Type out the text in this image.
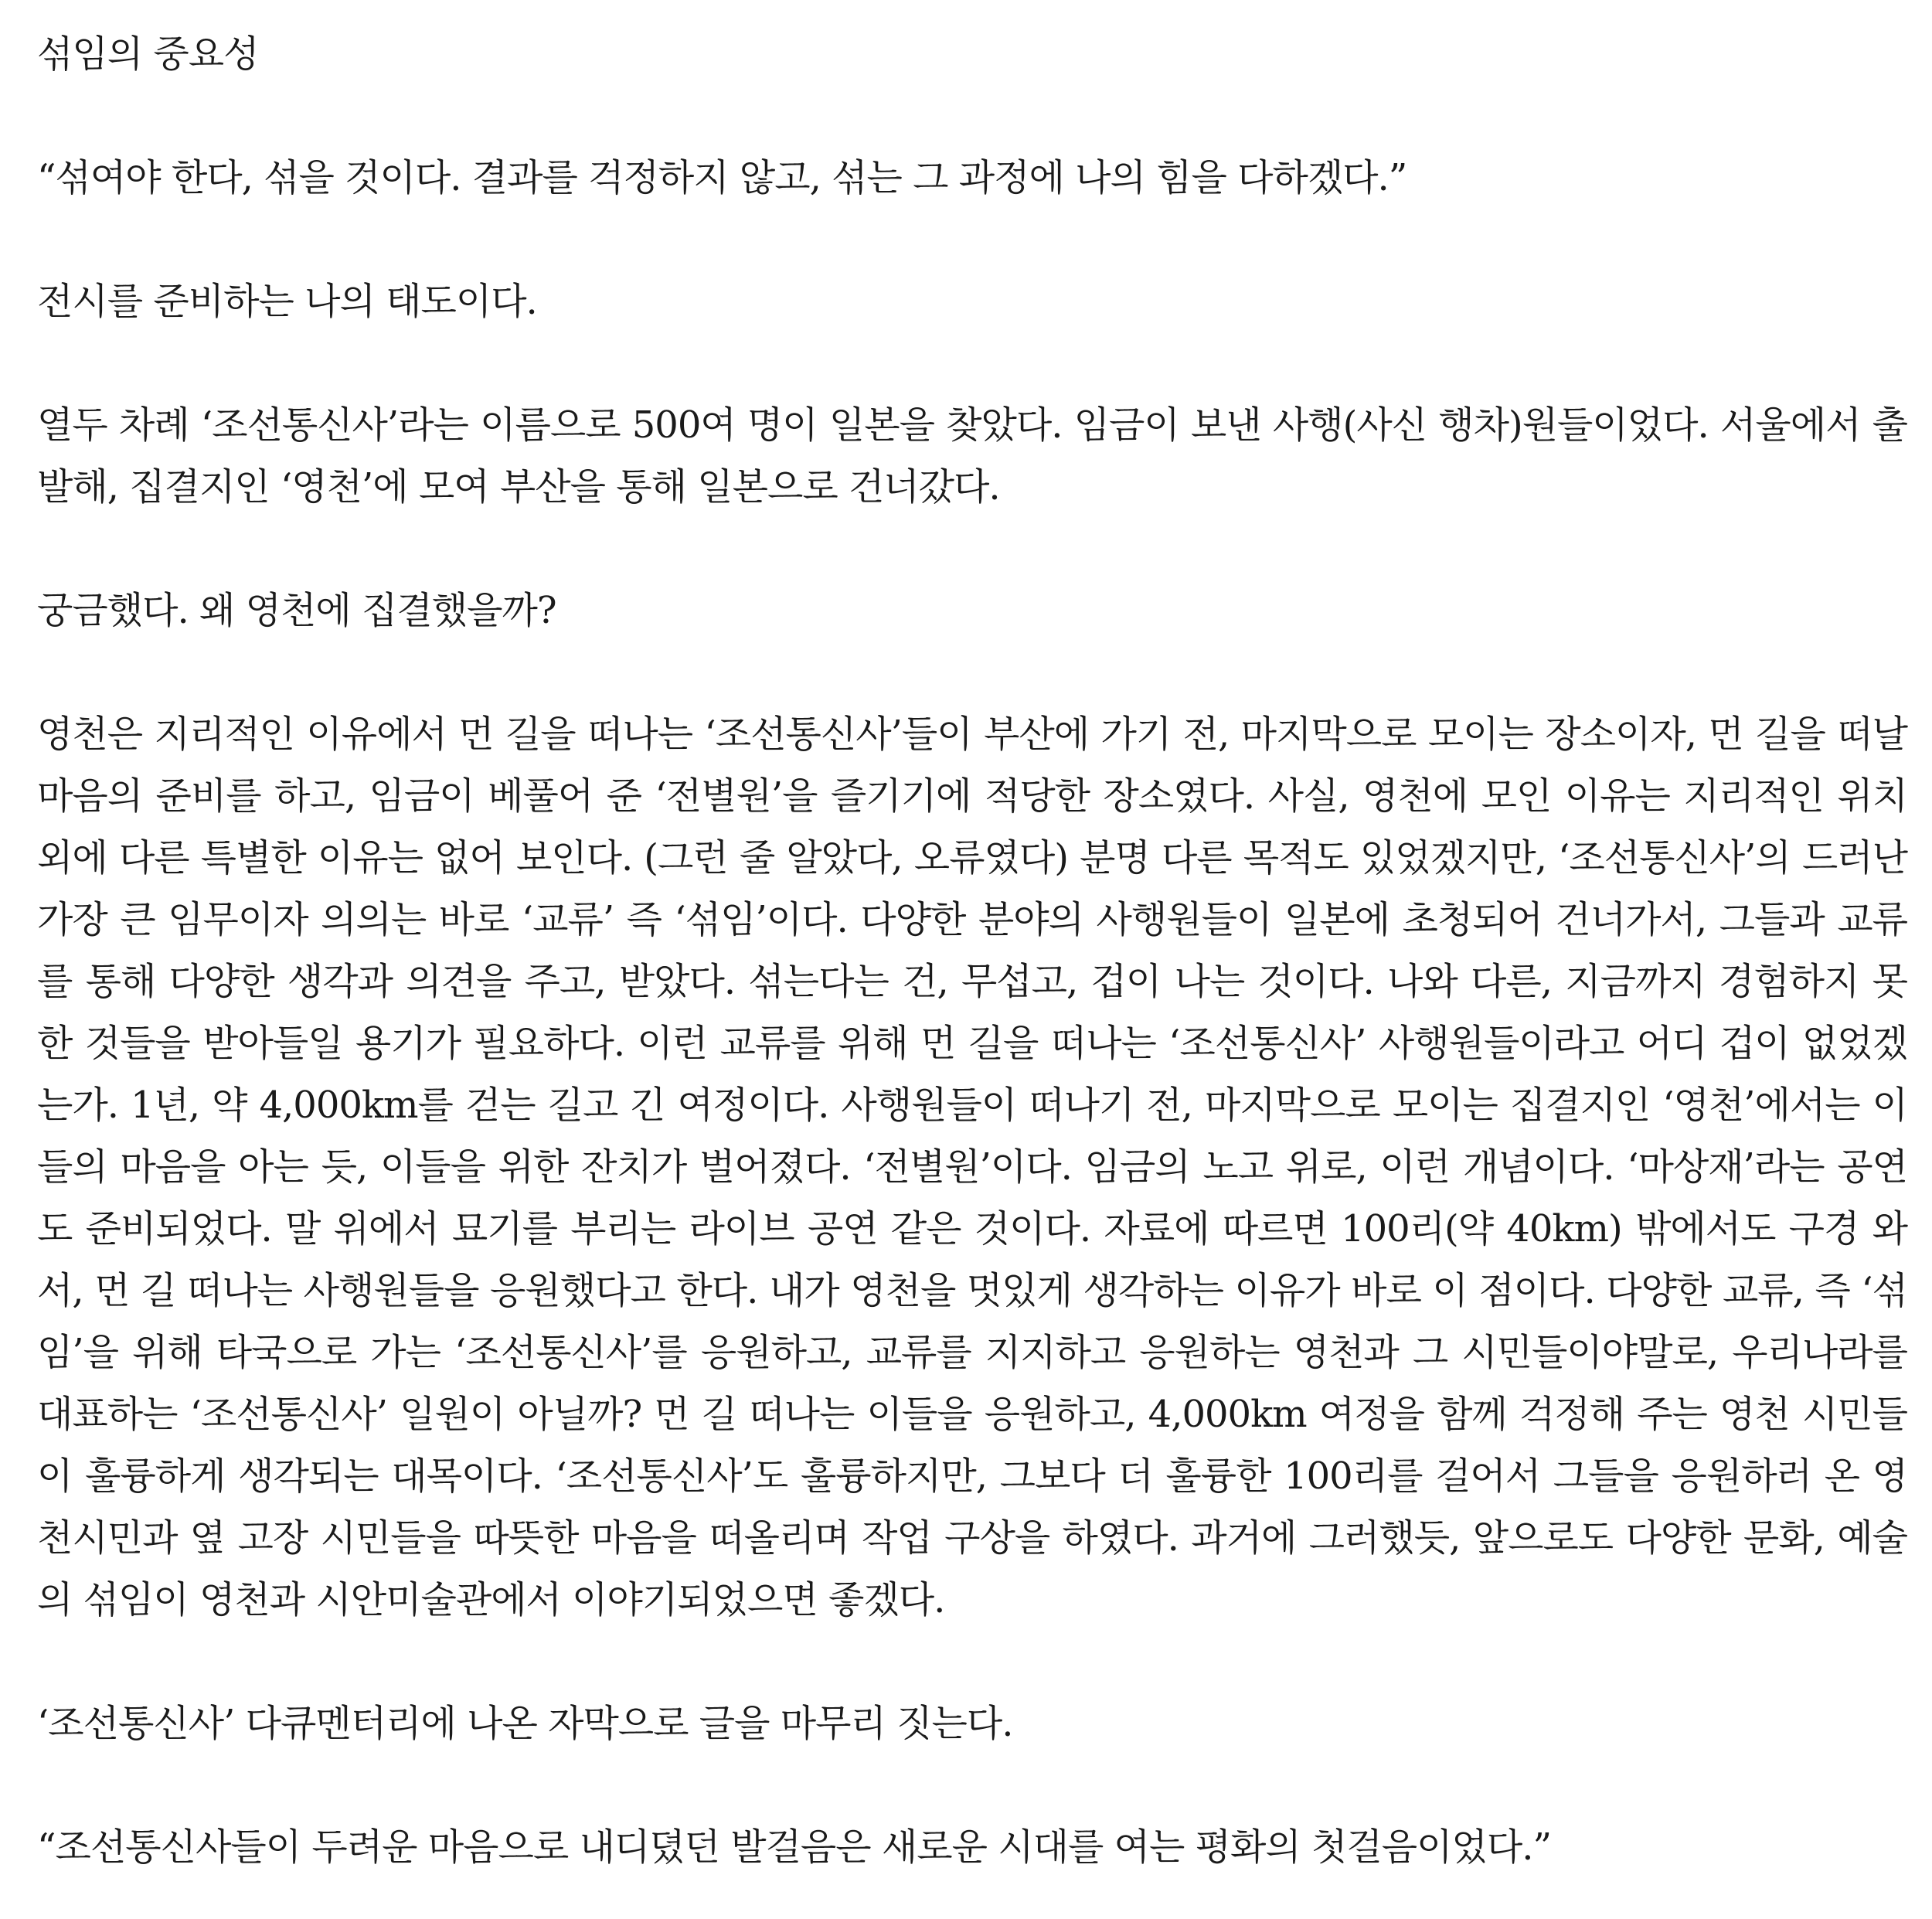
섞임의 중요성

“섞여야 한다, 섞을 것이다. 결과를 걱정하지 않고, 섞는 그 과정에 나의 힘을 다하겠다.”

전시를 준비하는 나의 태도이다.

열두 차례 ‘조선통신사’라는 이름으로 500여 명이 일본을 찾았다. 임금이 보낸 사행(사신 행차)원들이었다. 서울에서 출발해, 집결지인 ‘영천’에 모여 부산을 통해 일본으로 건너갔다.

궁금했다. 왜 영천에 집결했을까?

영천은 지리적인 이유에서 먼 길을 떠나는 ‘조선통신사’들이 부산에 가기 전, 마지막으로 모이는 장소이자, 먼 길을 떠날 마음의 준비를 하고, 임금이 베풀어 준 ‘전별원’을 즐기기에 적당한 장소였다. 사실, 영천에 모인 이유는 지리적인 위치 외에 다른 특별한 이유는 없어 보인다. (그런 줄 알았다, 오류였다) 분명 다른 목적도 있었겠지만, ‘조선통신사’의 드러난 가장 큰 임무이자 의의는 바로 ‘교류’ 즉 ‘섞임’이다. 다양한 분야의 사행원들이 일본에 초청되어 건너가서, 그들과 교류를 통해 다양한 생각과 의견을 주고, 받았다. 섞는다는 건, 무섭고, 겁이 나는 것이다. 나와 다른, 지금까지 경험하지 못 한 것들을 받아들일 용기가 필요하다. 이런 교류를 위해 먼 길을 떠나는 ‘조선통신사’ 사행원들이라고 어디 겁이 없었겠는가. 1년, 약 4,000km를 걷는 길고 긴 여정이다. 사행원들이 떠나기 전, 마지막으로 모이는 집결지인 ‘영천’에서는 이들의 마음을 아는 듯, 이들을 위한 잔치가 벌어졌다. ‘전별원’이다. 임금의 노고 위로, 이런 개념이다. ‘마상재’라는 공연도 준비되었다. 말 위에서 묘기를 부리는 라이브 공연 같은 것이다. 자료에 따르면 100리(약 40km) 밖에서도 구경 와서, 먼 길 떠나는 사행원들을 응원했다고 한다. 내가 영천을 멋있게 생각하는 이유가 바로 이 점이다. 다양한 교류, 즉 ‘섞임’을 위해 타국으로 가는 ‘조선통신사’를 응원하고, 교류를 지지하고 응원하는 영천과 그 시민들이야말로, 우리나라를 대표하는 ‘조선통신사’ 일원이 아닐까? 먼 길 떠나는 이들을 응원하고, 4,000km 여정을 함께 걱정해 주는 영천 시민들이 훌륭하게 생각되는 대목이다. ‘조선통신사’도 훌륭하지만, 그보다 더 훌륭한 100리를 걸어서 그들을 응원하러 온 영천시민과 옆 고장 시민들을 따뜻한 마음을 떠올리며 작업 구상을 하였다. 과거에 그러했듯, 앞으로도 다양한 문화, 예술의 섞임이 영천과 시안미술관에서 이야기되었으면 좋겠다.

‘조선통신사’ 다큐멘터리에 나온 자막으로 글을 마무리 짓는다.

“조선통신사들이 두려운 마음으로 내디뎠던 발걸음은 새로운 시대를 여는 평화의 첫걸음이었다.”
